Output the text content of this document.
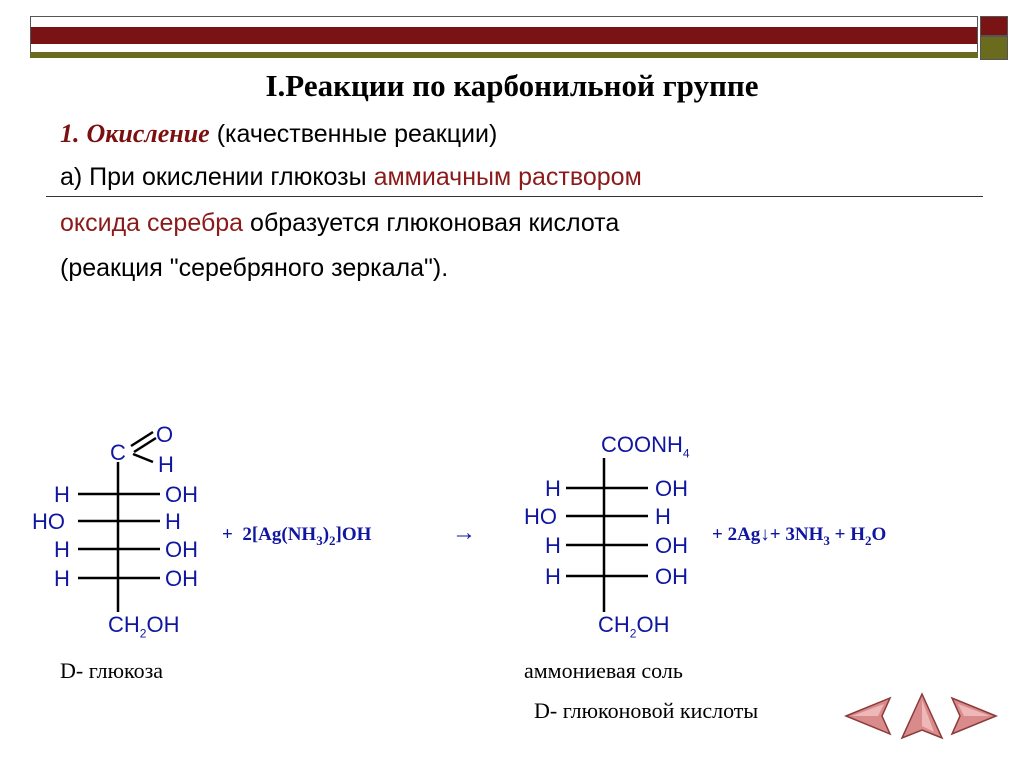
I.Реакции по карбонильной группе
1. Окисление (качественные реакции)
а) При окислении глюкозы аммиачным раствором
оксида серебра образуется глюконовая кислота
(реакция "серебряного зеркала").
C
O
H
H	OH
HO	H
H	OH
H	OH
$CH_2OH$
+ $2[Ag(NH_3)_2]OH$	→
$COONH_4$
H	OH
HO	H
H	OH
H	OH
$CH_2OH$
+ 2Ag↓+ $3NH_3 + H_2O$
D- глюкоза	аммониевая соль
D- глюконовой кислоты
